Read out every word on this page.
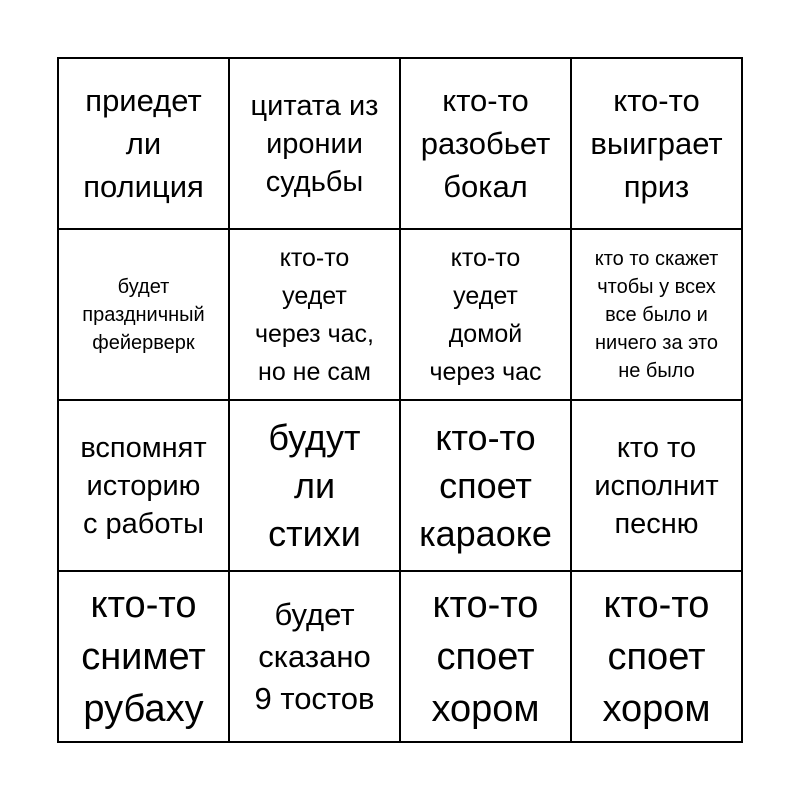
приедет
ли
полиция
цитата из
иронии
судьбы
кто-то
разобьет
бокал
кто-то
выиграет
приз
будет
праздничный
фейерверк
кто-то
уедет
через час,
но не сам
кто-то
уедет
домой
через час
кто то скажет
чтобы у всех
все было и
ничего за это
не было
вспомнят
историю
с работы
будут
ли
стихи
кто-то
споет
караоке
кто то
исполнит
песню
кто-то
снимет
рубаху
будет
сказано
9 тостов
кто-то
споет
хором
кто-то
споет
хором
